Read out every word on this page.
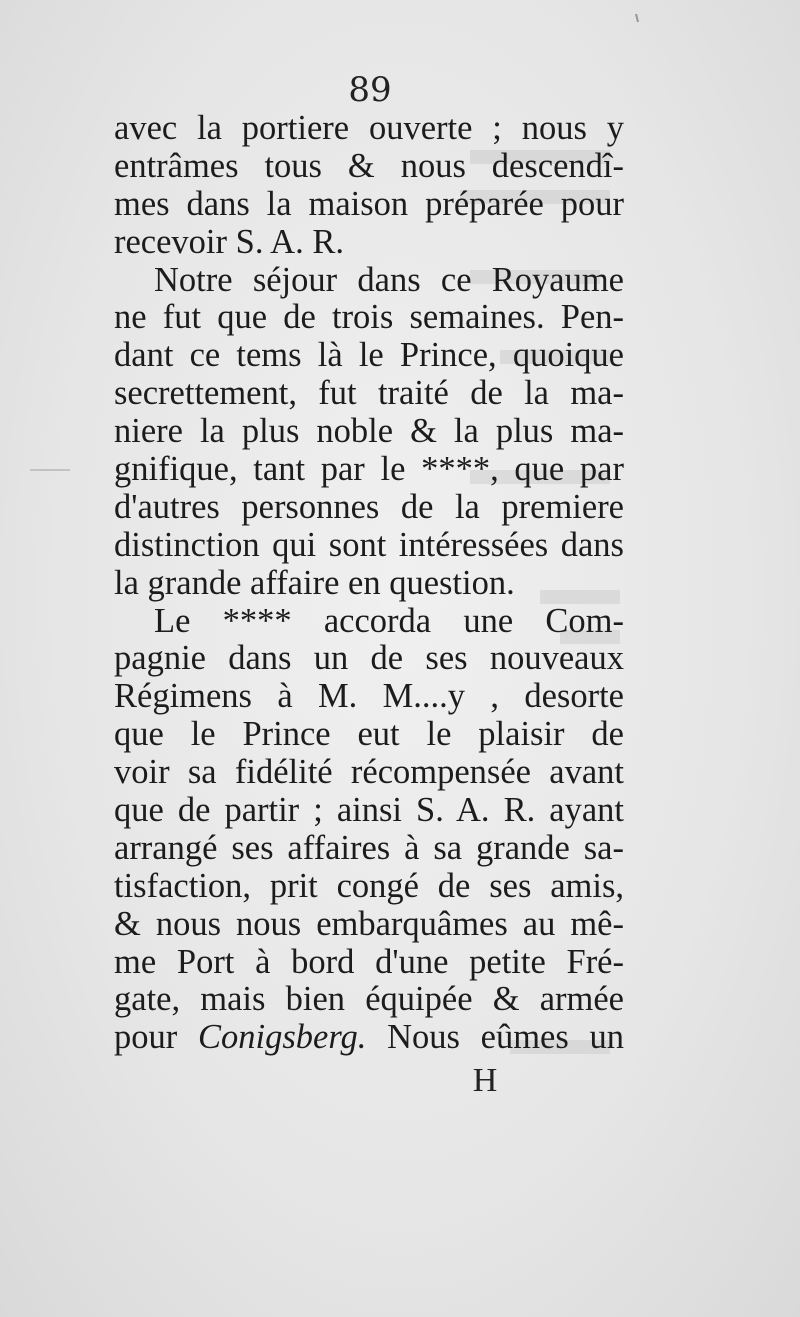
89
avec la portiere ouverte ; nous y
entrâmes tous & nous descendî-
mes dans la maison préparée pour
recevoir S. A. R.
Notre séjour dans ce Royaume
ne fut que de trois semaines. Pen-
dant ce tems là le Prince, quoique
secrettement, fut traité de la ma-
niere la plus noble & la plus ma-
gnifique, tant par le ****, que par
d'autres personnes de la premiere
distinction qui sont intéressées dans
la grande affaire en question.
Le **** accorda une Com-
pagnie dans un de ses nouveaux
Régimens à M. M....y , desorte
que le Prince eut le plaisir de
voir sa fidélité récompensée avant
que de partir ; ainsi S. A. R. ayant
arrangé ses affaires à sa grande sa-
tisfaction, prit congé de ses amis,
& nous nous embarquâmes au mê-
me Port à bord d'une petite Fré-
gate, mais bien équipée & armée
pour Conigsberg. Nous eûmes un
H
